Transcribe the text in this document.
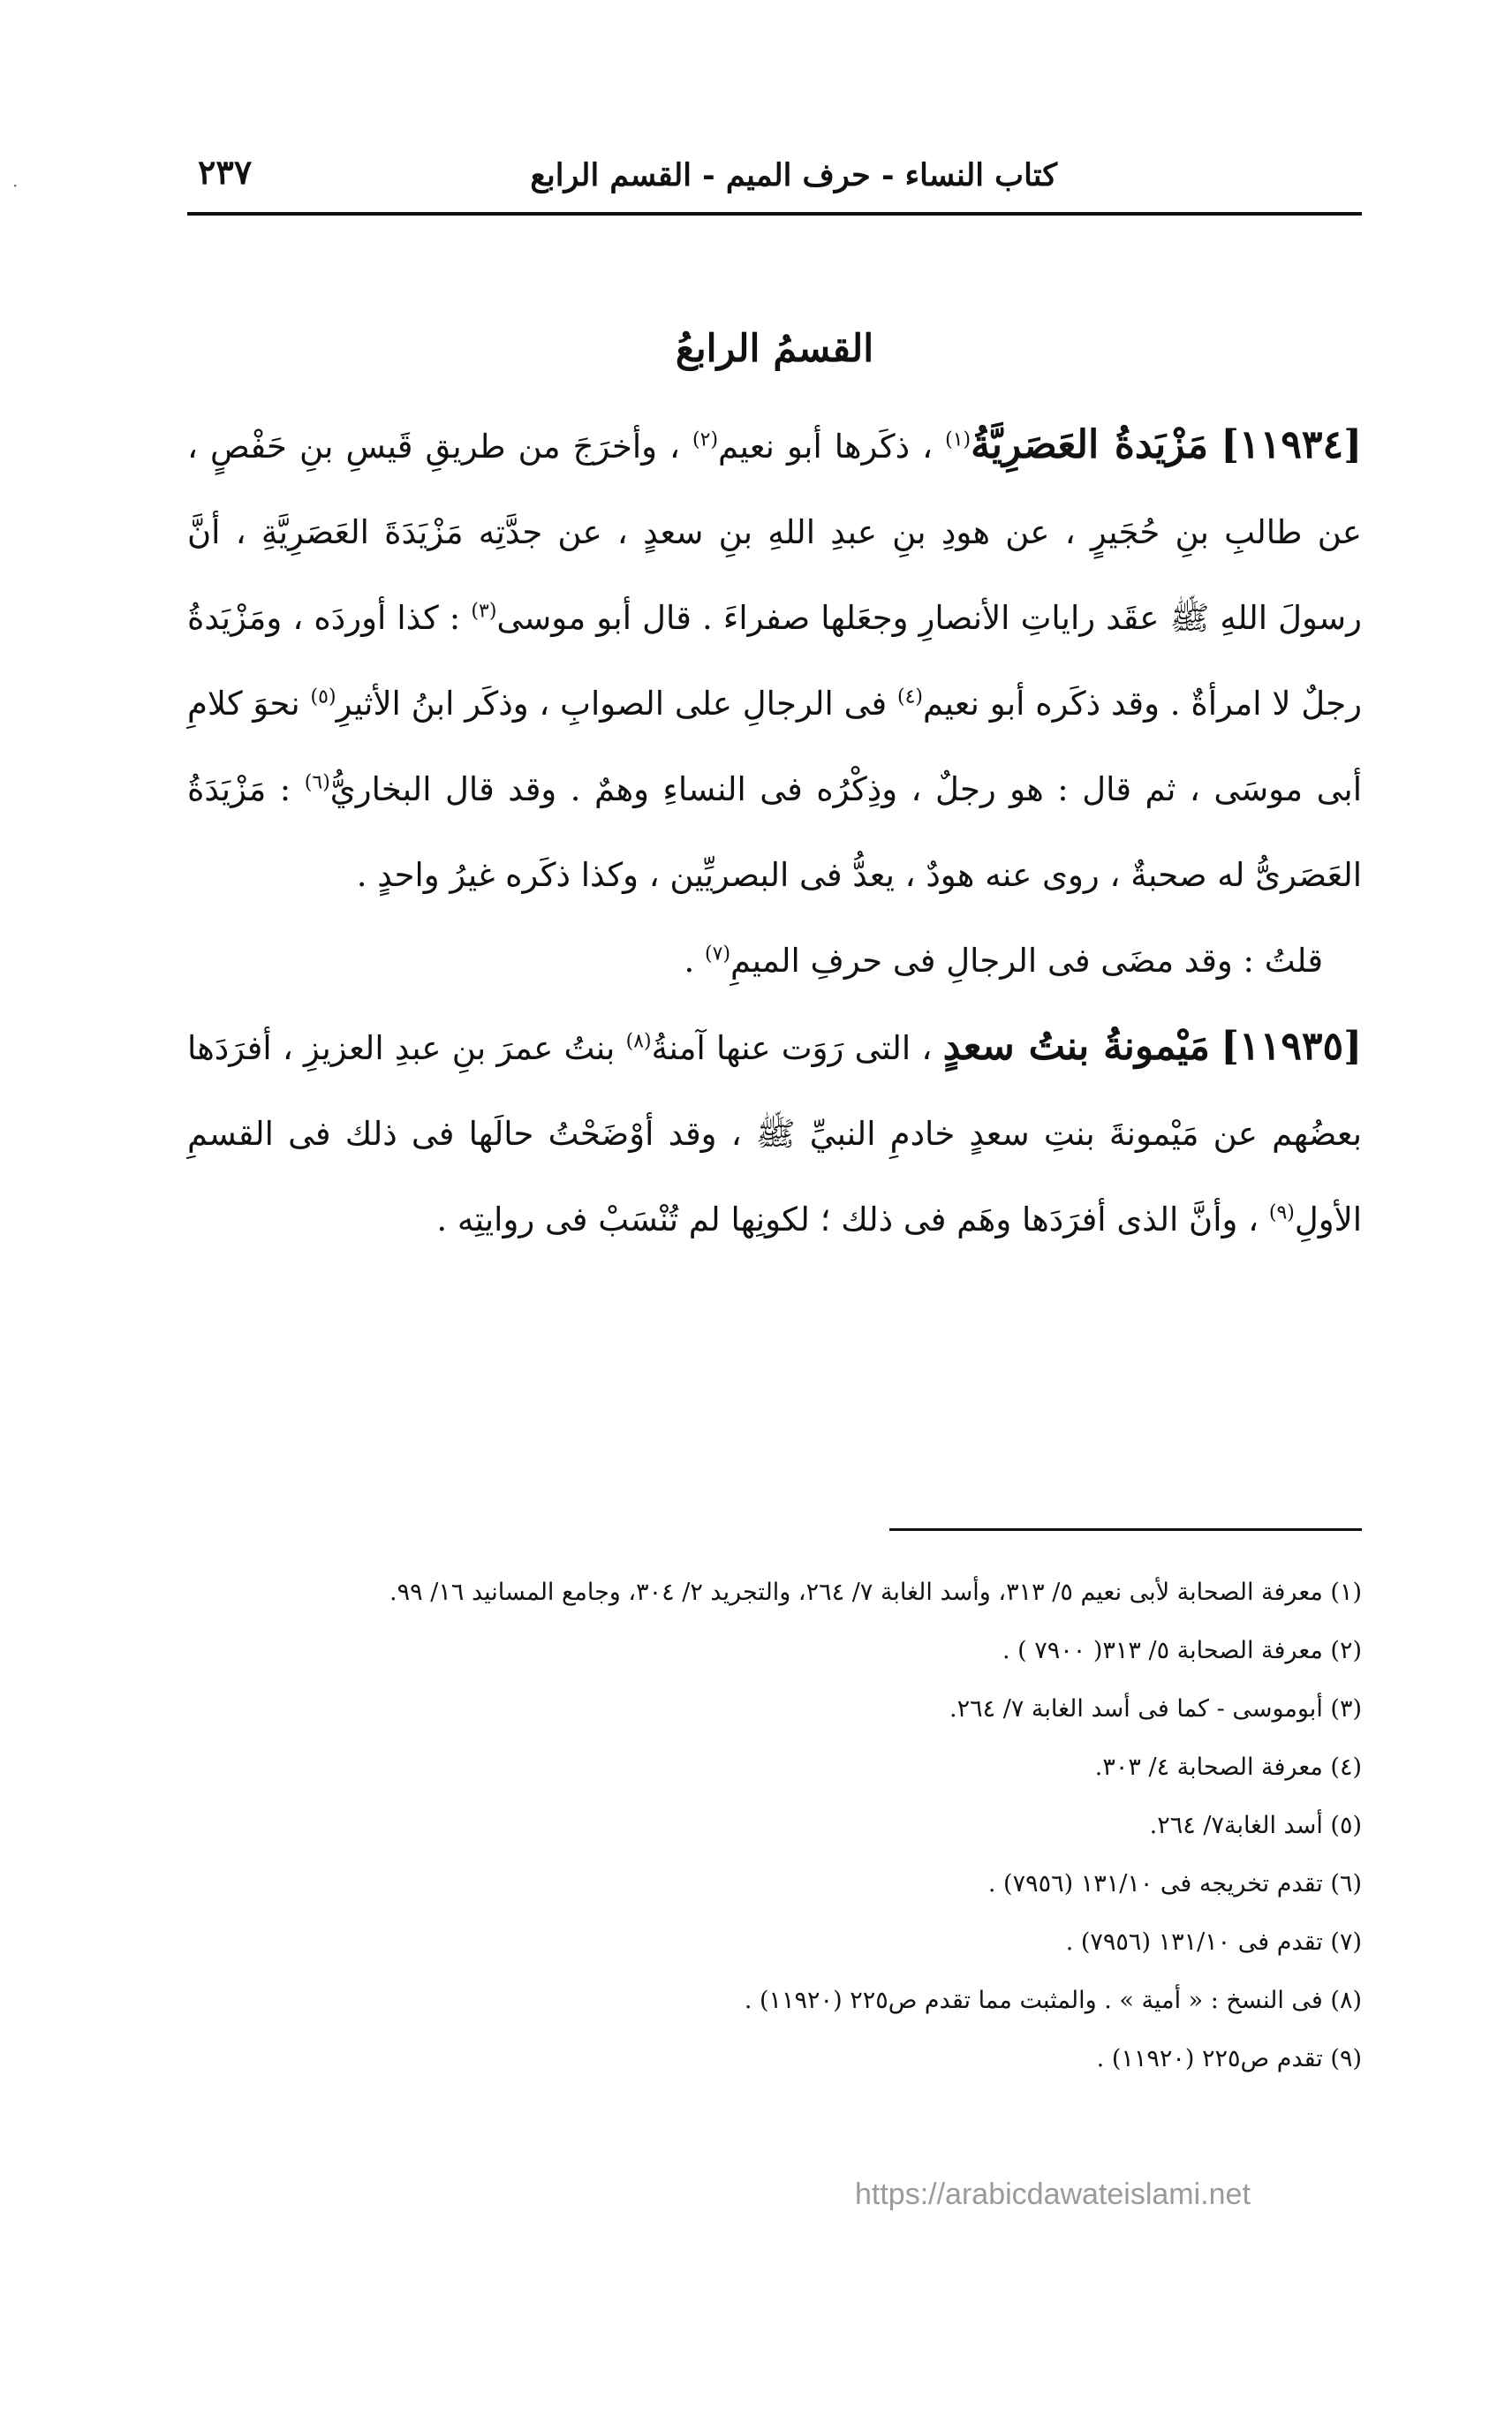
·	كتاب النساء - حرف الميم - القسم الرابع
٢٣٧
القسمُ الرابعُ

[١١٩٣٤] مَزْيَدةُ العَصَرِيَّةُ$^{(١)}$ ، ذكَرها أبو نعيم$^{(٢)}$ ، وأخرَجَ من طريقِ قَيسِ بنِ حَفْصٍ ، عن طالبِ بنِ حُجَيرٍ ، عن هودِ بنِ عبدِ اللهِ بنِ سعدٍ ، عن جدَّتِه مَزْيَدَةَ العَصَرِيَّةِ ، أنَّ رسولَ اللهِ ﷺ عقَد راياتِ الأنصارِ وجعَلها صفراءَ . قال أبو موسى$^{(٣)}$ : كذا أوردَه ، ومَزْيَدةُ رجلٌ لا امرأةٌ . وقد ذكَره أبو نعيم$^{(٤)}$ فى الرجالِ على الصوابِ ، وذكَر ابنُ الأثيرِ$^{(٥)}$ نحوَ كلامِ أبى موسَى ، ثم قال : هو رجلٌ ، وذِكْرُه فى النساءِ وهمٌ . وقد قال البخاريُّ$^{(٦)}$ : مَزْيَدَةُ العَصَرىُّ له صحبةٌ ، روى عنه هودٌ ، يعدُّ فى البصريِّين ، وكذا ذكَره غيرُ واحدٍ .

قلتُ : وقد مضَى فى الرجالِ فى حرفِ الميمِ$^{(٧)}$ .

[١١٩٣٥] مَيْمونةُ بنتُ سعدٍ ، التى رَوَت عنها آمنةُ$^{(٨)}$ بنتُ عمرَ بنِ عبدِ العزيزِ ، أفرَدَها بعضُهم عن مَيْمونةَ بنتِ سعدٍ خادمِ النبيِّ ﷺ ، وقد أوْضَحْتُ حالَها فى ذلك فى القسمِ الأولِ$^{(٩)}$ ، وأنَّ الذى أفرَدَها وهَم فى ذلك ؛ لكونِها لم تُنْسَبْ فى روايتِه .

(١) معرفة الصحابة لأبى نعيم ٥/ ٣١٣، وأسد الغابة ٧/ ٢٦٤، والتجريد ٢/ ٣٠٤، وجامع المسانيد ١٦/ ٩٩.
(٢) معرفة الصحابة ٥/ ٣١٣( ٧٩٠٠ ) .
(٣) أبوموسى - كما فى أسد الغابة ٧/ ٢٦٤.
(٤) معرفة الصحابة ٤/ ٣٠٣.
(٥) أسد الغابة٧/ ٢٦٤.
(٦) تقدم تخريجه فى ١٣١/١٠ (٧٩٥٦) .
(٧) تقدم فى ١٣١/١٠ (٧٩٥٦) .
(٨) فى النسخ : « أمية » . والمثبت مما تقدم ص٢٢٥ (١١٩٢٠) .
(٩) تقدم ص٢٢٥ (١١٩٢٠) .
https://arabicdawateislami.net
